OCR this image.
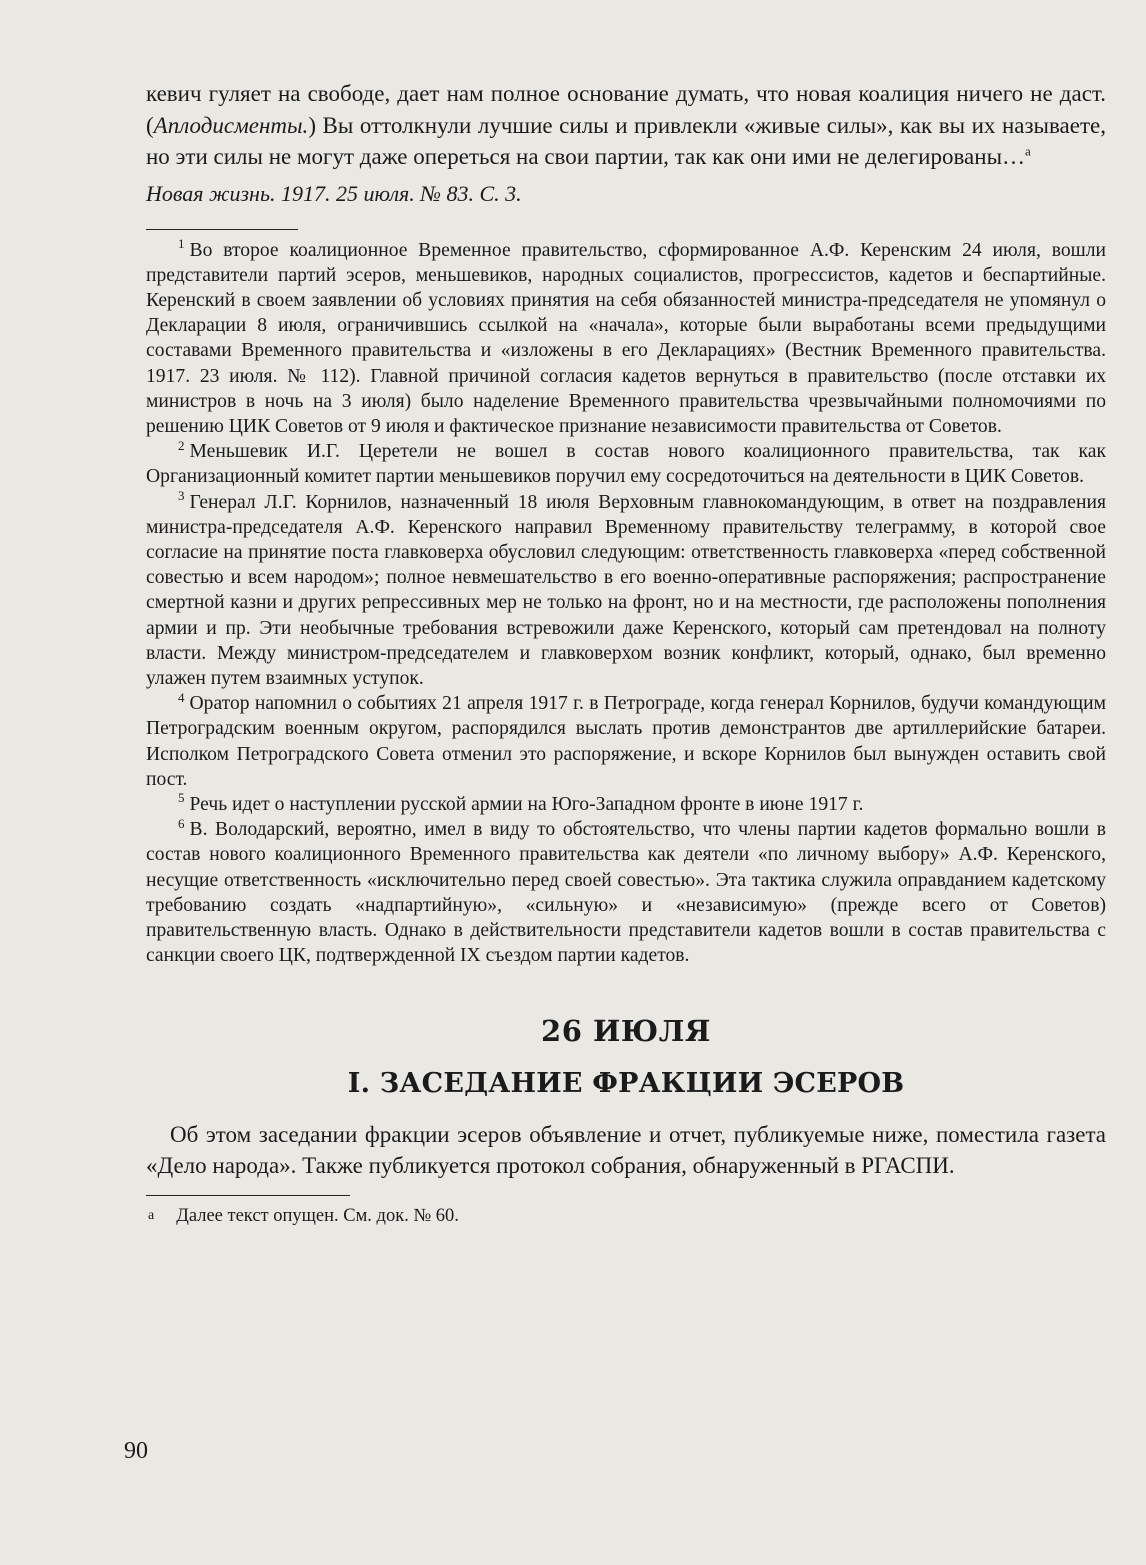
кевич гуляет на свободе, дает нам полное основание думать, что новая коалиция ничего не даст. (Аплодисменты.) Вы оттолкнули лучшие силы и привлекли «живые силы», как вы их называете, но эти силы не могут даже опереться на свои партии, так как они ими не делегированы…$^а$

Новая жизнь. 1917. 25 июля. № 83. С. 3.

$^1$ Во второе коалиционное Временное правительство, сформированное А.Ф. Керенским 24 июля, вошли представители партий эсеров, меньшевиков, народных социалистов, прогрессистов, кадетов и беспартийные. Керенский в своем заявлении об условиях принятия на себя обязанностей министра-председателя не упомянул о Декларации 8 июля, ограничившись ссылкой на «начала», которые были выработаны всеми предыдущими составами Временного правительства и «изложены в его Декларациях» (Вестник Временного правительства. 1917. 23 июля. № 112). Главной причиной согласия кадетов вернуться в правительство (после отставки их министров в ночь на 3 июля) было наделение Временного правительства чрезвычайными полномочиями по решению ЦИК Советов от 9 июля и фактическое признание независимости правительства от Советов.

$^2$ Меньшевик И.Г. Церетели не вошел в состав нового коалиционного правительства, так как Организационный комитет партии меньшевиков поручил ему сосредоточиться на деятельности в ЦИК Советов.

$^3$ Генерал Л.Г. Корнилов, назначенный 18 июля Верховным главнокомандующим, в ответ на поздравления министра-председателя А.Ф. Керенского направил Временному правительству телеграмму, в которой свое согласие на принятие поста главковерха обусловил следующим: ответственность главковерха «перед собственной совестью и всем народом»; полное невмешательство в его военно-оперативные распоряжения; распространение смертной казни и других репрессивных мер не только на фронт, но и на местности, где расположены пополнения армии и пр. Эти необычные требования встревожили даже Керенского, который сам претендовал на полноту власти. Между министром-председателем и главковерхом возник конфликт, который, однако, был временно улажен путем взаимных уступок.

$^4$ Оратор напомнил о событиях 21 апреля 1917 г. в Петрограде, когда генерал Корнилов, будучи командующим Петроградским военным округом, распорядился выслать против демонстрантов две артиллерийские батареи. Исполком Петроградского Совета отменил это распоряжение, и вскоре Корнилов был вынужден оставить свой пост.

$^5$ Речь идет о наступлении русской армии на Юго-Западном фронте в июне 1917 г.

$^6$ В. Володарский, вероятно, имел в виду то обстоятельство, что члены партии кадетов формально вошли в состав нового коалиционного Временного правительства как деятели «по личному выбору» А.Ф. Керенского, несущие ответственность «исключительно перед своей совестью». Эта тактика служила оправданием кадетскому требованию создать «надпартийную», «сильную» и «независимую» (прежде всего от Советов) правительственную власть. Однако в действительности представители кадетов вошли в состав правительства с санкции своего ЦК, подтвержденной IX съездом партии кадетов.

26 ИЮЛЯ
I. ЗАСЕДАНИЕ ФРАКЦИИ ЭСЕРОВ

Об этом заседании фракции эсеров объявление и отчет, публикуемые ниже, поместила газета «Дело народа». Также публикуется протокол собрания, обнаруженный в РГАСПИ.

а Далее текст опущен. См. док. № 60.

90
